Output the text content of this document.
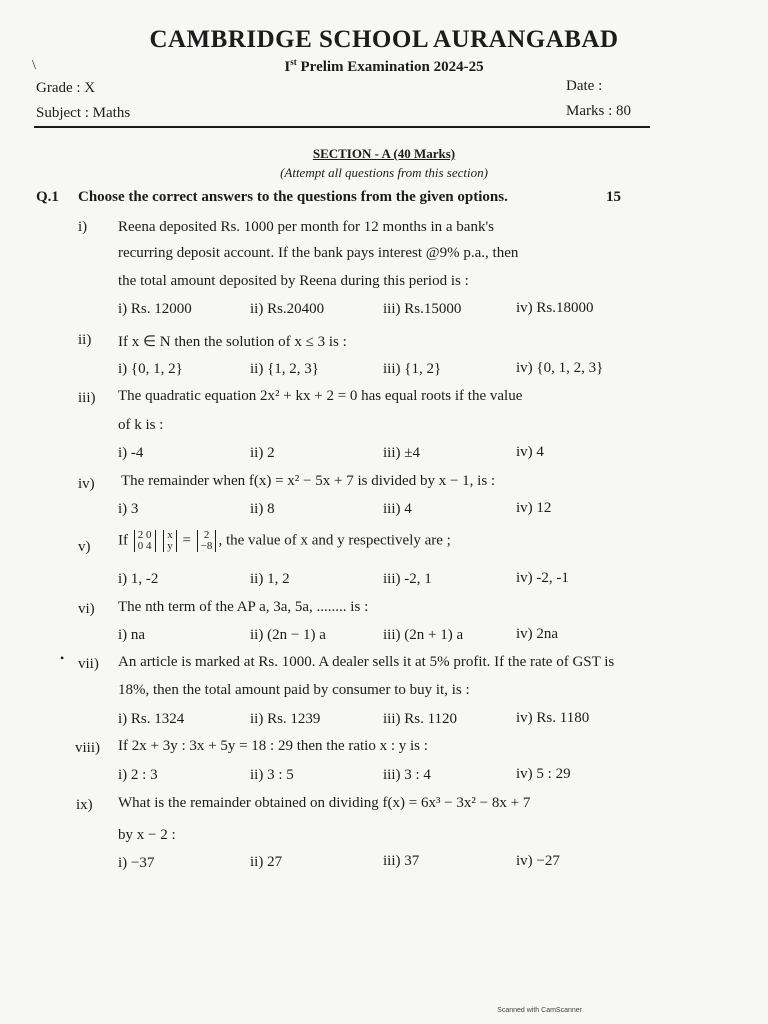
\
CAMBRIDGE SCHOOL AURANGABAD
Ist Prelim Examination 2024-25
Grade : X	Date :
Subject : Maths	Marks : 80
SECTION - A (40 Marks)
(Attempt all questions from this section)
Q.1 Choose the correct answers to the questions from the given options.	15
i) Reena deposited Rs. 1000 per month for 12 months in a bank's
recurring deposit account. If the bank pays interest @9% p.a., then
the total amount deposited by Reena during this period is :
i) Rs. 12000	ii) Rs.20400	iii) Rs.15000	iv) Rs.18000
ii) If x ∈ N then the solution of x ≤ 3 is :
i) {0, 1, 2}	ii) {1, 2, 3}	iii) {1, 2}	iv) {0, 1, 2, 3}
iii) The quadratic equation 2x² + kx + 2 = 0 has equal roots if the value
of k is :
i) -4	ii) 2	iii) ±4	iv) 4
iv) The remainder when f(x) = x² − 5x + 7 is divided by x − 1, is :
i) 3	ii) 8	iii) 4	iv) 12
v) If 2 0
0 4 x
y = 2
−8 , the value of x and y respectively are ;
i) 1, -2	ii) 1, 2	iii) -2, 1	iv) -2, -1
vi) The nth term of the AP a, 3a, 5a, ........ is :
i) na	ii) (2n − 1) a	iii) (2n + 1) a	iv) 2na
• vii) An article is marked at Rs. 1000. A dealer sells it at 5% profit. If the rate of GST is
18%, then the total amount paid by consumer to buy it, is :
i) Rs. 1324	ii) Rs. 1239	iii) Rs. 1120	iv) Rs. 1180
viii) If 2x + 3y : 3x + 5y = 18 : 29 then the ratio x : y is :
i) 2 : 3	ii) 3 : 5	iii) 3 : 4	iv) 5 : 29
ix) What is the remainder obtained on dividing f(x) = 6x³ − 3x² − 8x + 7
by x − 2 :
i) −37	ii) 27	iii) 37	iv) −27
Scanned with CamScanner
